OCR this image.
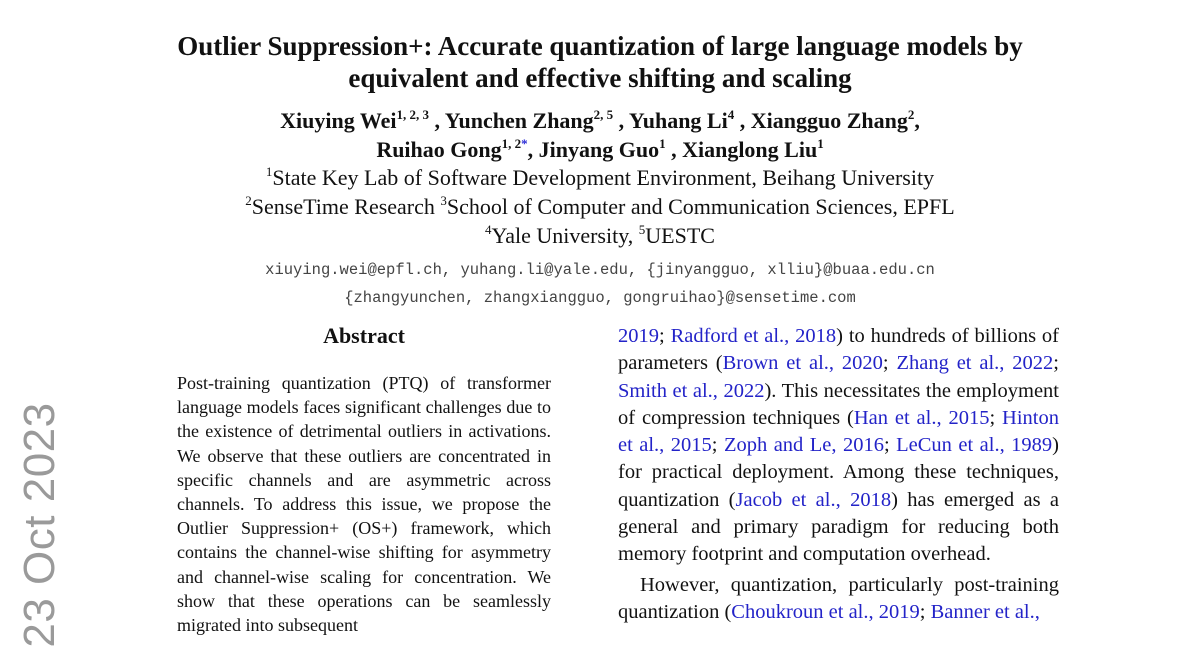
23 Oct 2023
Outlier Suppression+: Accurate quantization of large language models by
equivalent and effective shifting and scaling
Xiuying Wei$^{1, 2, 3}$ , Yunchen Zhang$^{2, 5}$ , Yuhang Li$^4$ , Xiangguo Zhang$^2$,
Ruihao Gong$^{1, 2*}$, Jinyang Guo$^1$ , Xianglong Liu$^1$
$^1$State Key Lab of Software Development Environment, Beihang University
$^2$SenseTime Research $^3$School of Computer and Communication Sciences, EPFL
$^4$Yale University, $^5$UESTC
xiuying.wei@epfl.ch, yuhang.li@yale.edu, {jinyangguo, xlliu}@buaa.edu.cn
{zhangyunchen, zhangxiangguo, gongruihao}@sensetime.com
Abstract
Post-training quantization (PTQ) of transformer language models faces significant challenges due to the existence of detrimental outliers in activations. We observe that these outliers are concentrated in specific channels and are asymmetric across channels. To address this issue, we propose the Outlier Suppression+ (OS+) framework, which contains the channel-wise shifting for asymmetry and channel-wise scaling for concentration. We show that these operations can be seamlessly migrated into subsequent

2019; Radford et al., 2018) to hundreds of billions of parameters (Brown et al., 2020; Zhang et al., 2022; Smith et al., 2022). This necessitates the employment of compression techniques (Han et al., 2015; Hinton et al., 2015; Zoph and Le, 2016; LeCun et al., 1989) for practical deployment. Among these techniques, quantization (Jacob et al., 2018) has emerged as a general and primary paradigm for reducing both memory footprint and computation overhead.

However, quantization, particularly post-training quantization (Choukroun et al., 2019; Banner et al.,
